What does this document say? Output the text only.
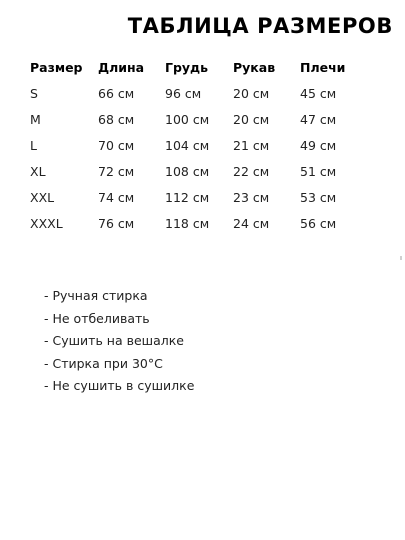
ТАБЛИЦА РАЗМЕРОВ
Размер	Длина	Грудь	Рукав	Плечи
S	66 см	96 см	20 см	45 см
M	68 см	100 см	20 см	47 см
L	70 см	104 см	21 см	49 см
XL	72 см	108 см	22 см	51 см
XXL	74 см	112 см	23 см	53 см
XXXL	76 см	118 см	24 см	56 см
- Ручная стирка
- Не отбеливать
- Сушить на вешалке
- Стирка при 30°C
- Не сушить в сушилке
